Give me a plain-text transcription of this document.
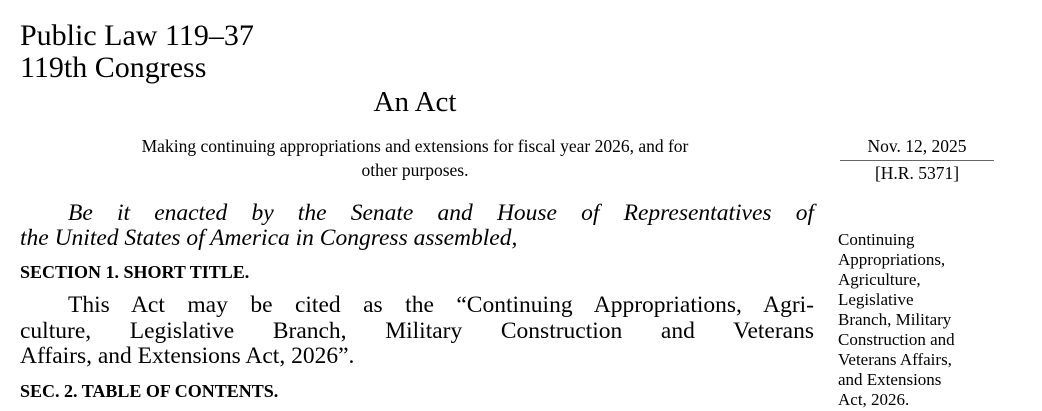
Public Law 119–37
119th Congress
An Act
Making continuing appropriations and extensions for fiscal year 2026, and for
other purposes.
Nov. 12, 2025
[H.R. 5371]
Be it enacted by the Senate and House of Representatives of
the United States of America in Congress assembled,
SECTION 1. SHORT TITLE.
This Act may be cited as the “Continuing Appropriations, Agri-
culture, Legislative Branch, Military Construction and Veterans
Affairs, and Extensions Act, 2026”.
SEC. 2. TABLE OF CONTENTS.
Continuing
Appropriations,
Agriculture,
Legislative
Branch, Military
Construction and
Veterans Affairs,
and Extensions
Act, 2026.
